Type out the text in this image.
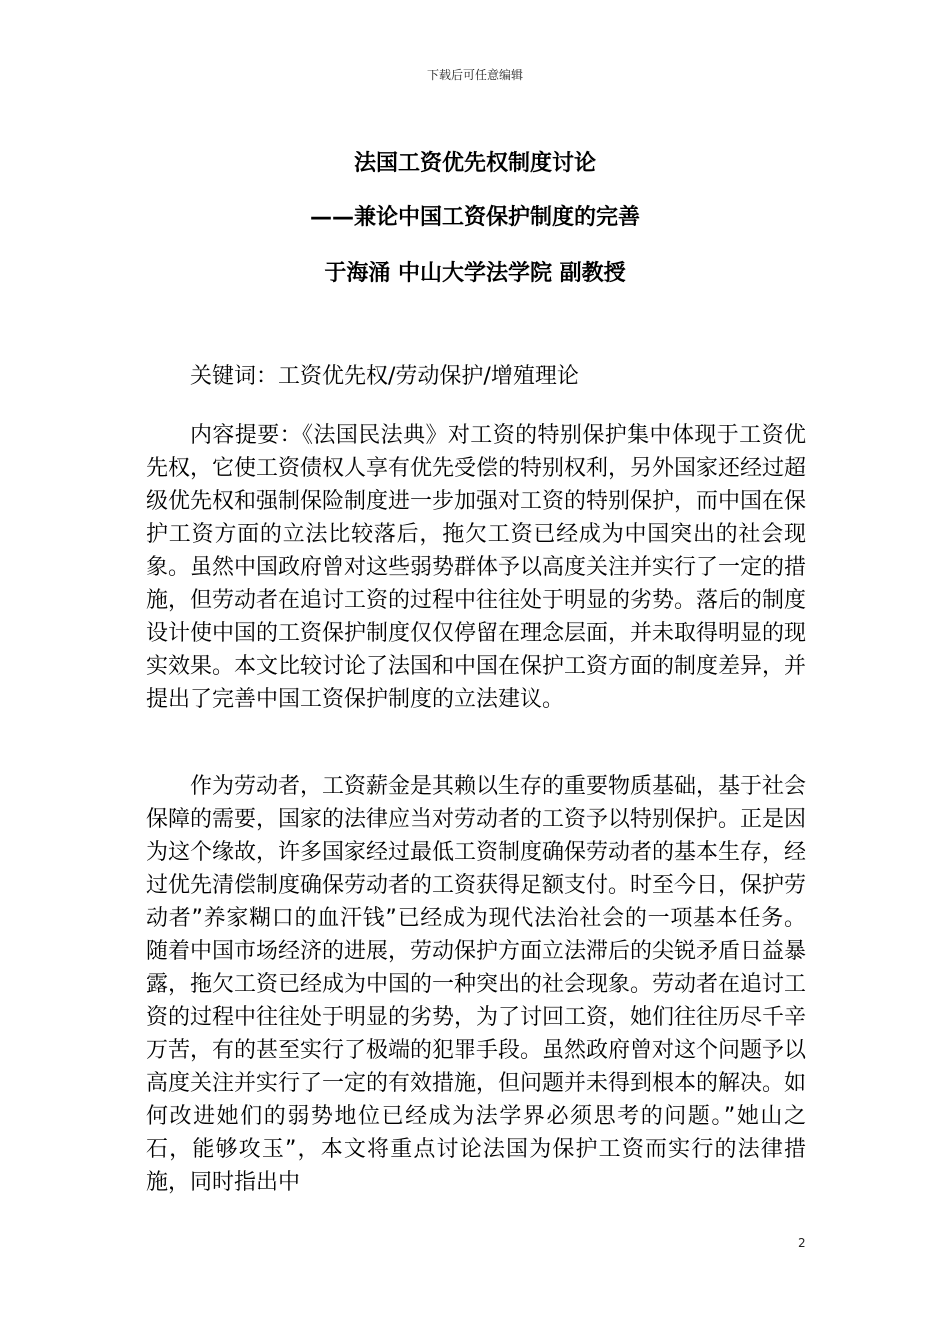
下载后可任意编辑
法国工资优先权制度讨论
——兼论中国工资保护制度的完善
于海涌 中山大学法学院 副教授

关键词：工资优先权/劳动保护/增殖理论

内容提要：《法国民法典》对工资的特别保护集中体现于工资优先权，它使工资债权人享有优先受偿的特别权利，另外国家还经过超级优先权和强制保险制度进一步加强对工资的特别保护，而中国在保护工资方面的立法比较落后，拖欠工资已经成为中国突出的社会现象。虽然中国政府曾对这些弱势群体予以高度关注并实行了一定的措施，但劳动者在追讨工资的过程中往往处于明显的劣势。落后的制度设计使中国的工资保护制度仅仅停留在理念层面，并未取得明显的现实效果。本文比较讨论了法国和中国在保护工资方面的制度差异，并提出了完善中国工资保护制度的立法建议。

作为劳动者，工资薪金是其赖以生存的重要物质基础，基于社会保障的需要，国家的法律应当对劳动者的工资予以特别保护。正是因为这个缘故，许多国家经过最低工资制度确保劳动者的基本生存，经过优先清偿制度确保劳动者的工资获得足额支付。时至今日，保护劳动者”养家糊口的血汗钱”已经成为现代法治社会的一项基本任务。随着中国市场经济的进展，劳动保护方面立法滞后的尖锐矛盾日益暴露，拖欠工资已经成为中国的一种突出的社会现象。劳动者在追讨工资的过程中往往处于明显的劣势，为了讨回工资，她们往往历尽千辛万苦，有的甚至实行了极端的犯罪手段。虽然政府曾对这个问题予以高度关注并实行了一定的有效措施，但问题并未得到根本的解决。如何改进她们的弱势地位已经成为法学界必须思考的问题。”她山之石，能够攻玉”，本文将重点讨论法国为保护工资而实行的法律措施，同时指出中

2
